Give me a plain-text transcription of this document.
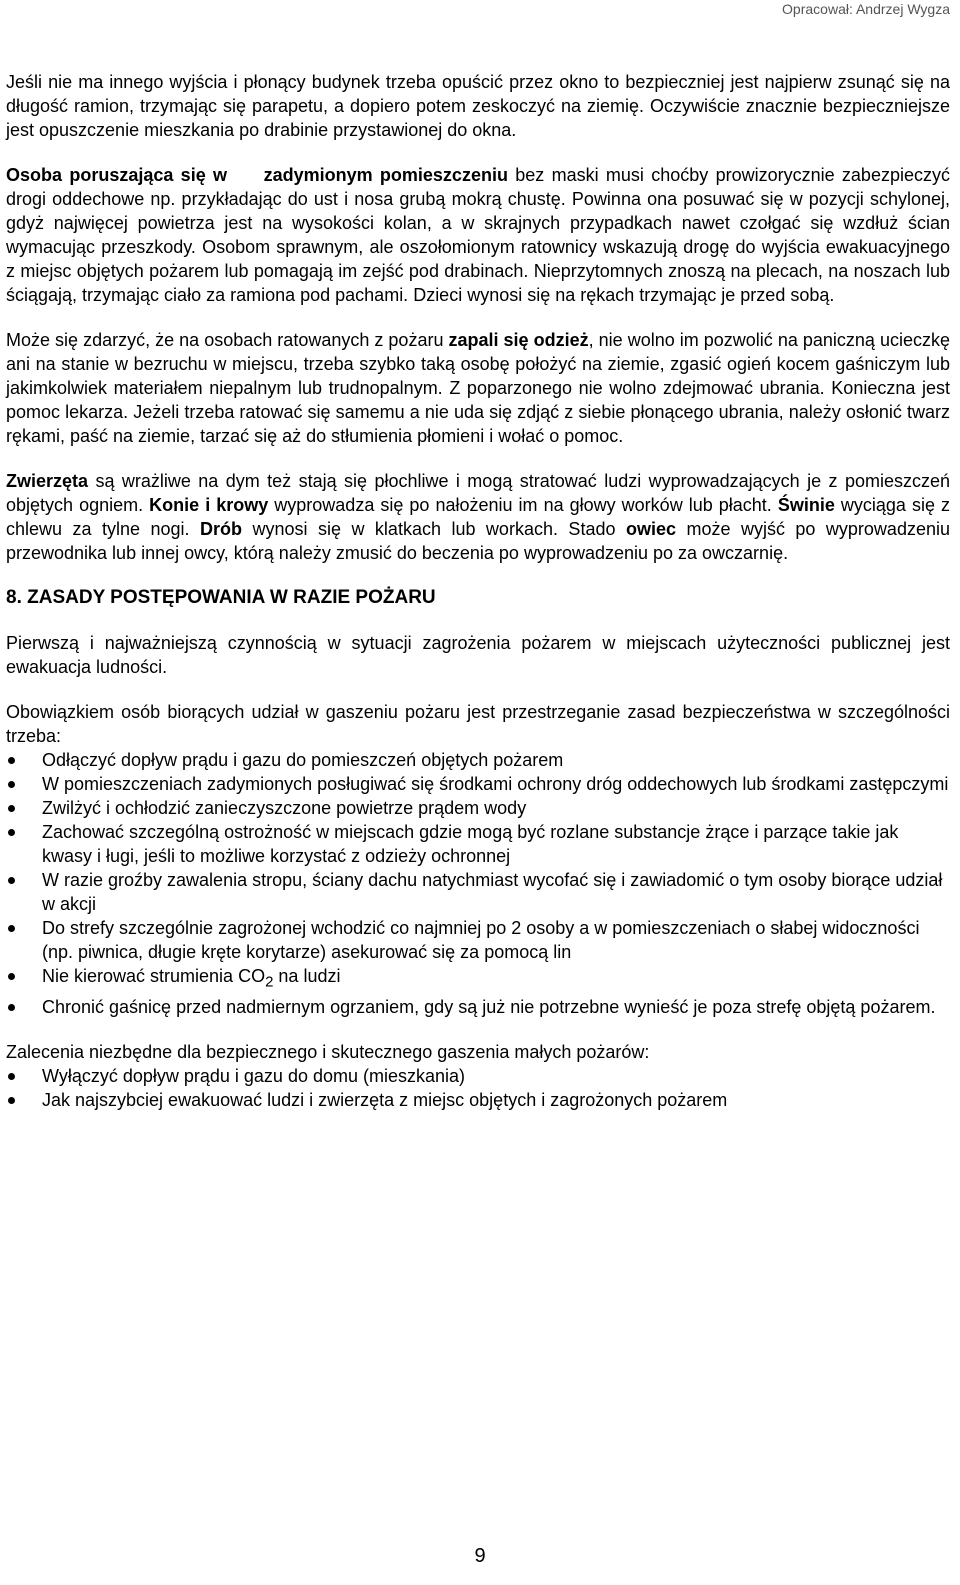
Opracował: Andrzej Wygza

Jeśli nie ma innego wyjścia i płonący budynek trzeba opuścić przez okno to bezpieczniej jest najpierw zsunąć się na długość ramion, trzymając się parapetu, a dopiero potem zeskoczyć na ziemię. Oczywiście znacznie bezpieczniejsze jest opuszczenie mieszkania po drabinie przystawionej do okna.

Osoba poruszająca się w zadymionym pomieszczeniu bez maski musi choćby prowizorycznie zabezpieczyć drogi oddechowe np. przykładając do ust i nosa grubą mokrą chustę. Powinna ona posuwać się w pozycji schylonej, gdyż najwięcej powietrza jest na wysokości kolan, a w skrajnych przypadkach nawet czołgać się wzdłuż ścian wymacując przeszkody. Osobom sprawnym, ale oszołomionym ratownicy wskazują drogę do wyjścia ewakuacyjnego z miejsc objętych pożarem lub pomagają im zejść pod drabinach. Nieprzytomnych znoszą na plecach, na noszach lub ściągają, trzymając ciało za ramiona pod pachami. Dzieci wynosi się na rękach trzymając je przed sobą.

Może się zdarzyć, że na osobach ratowanych z pożaru zapali się odzież, nie wolno im pozwolić na paniczną ucieczkę ani na stanie w bezruchu w miejscu, trzeba szybko taką osobę położyć na ziemie, zgasić ogień kocem gaśniczym lub jakimkolwiek materiałem niepalnym lub trudnopalnym. Z poparzonego nie wolno zdejmować ubrania. Konieczna jest pomoc lekarza. Jeżeli trzeba ratować się samemu a nie uda się zdjąć z siebie płonącego ubrania, należy osłonić twarz rękami, paść na ziemie, tarzać się aż do stłumienia płomieni i wołać o pomoc.

Zwierzęta są wrażliwe na dym też stają się płochliwe i mogą stratować ludzi wyprowadzających je z pomieszczeń objętych ogniem. Konie i krowy wyprowadza się po nałożeniu im na głowy worków lub płacht. Świnie wyciąga się z chlewu za tylne nogi. Drób wynosi się w klatkach lub workach. Stado owiec może wyjść po wyprowadzeniu przewodnika lub innej owcy, którą należy zmusić do beczenia po wyprowadzeniu po za owczarnię.

8. ZASADY POSTĘPOWANIA W RAZIE POŻARU

Pierwszą i najważniejszą czynnością w sytuacji zagrożenia pożarem w miejscach użyteczności publicznej jest ewakuacja ludności.

Obowiązkiem osób biorących udział w gaszeniu pożaru jest przestrzeganie zasad bezpieczeństwa w szczególności trzeba:

Odłączyć dopływ prądu i gazu do pomieszczeń objętych pożarem
W pomieszczeniach zadymionych posługiwać się środkami ochrony dróg oddechowych lub środkami zastępczymi
Zwilżyć i ochłodzić zanieczyszczone powietrze prądem wody
Zachować szczególną ostrożność w miejscach gdzie mogą być rozlane substancje żrące i parzące takie jak kwasy i ługi, jeśli to możliwe korzystać z odzieży ochronnej
W razie groźby zawalenia stropu, ściany dachu natychmiast wycofać się i zawiadomić o tym osoby biorące udział w akcji
Do strefy szczególnie zagrożonej wchodzić co najmniej po 2 osoby a w pomieszczeniach o słabej widoczności (np. piwnica, długie kręte korytarze) asekurować się za pomocą lin
Nie kierować strumienia $CO_2$ na ludzi
Chronić gaśnicę przed nadmiernym ogrzaniem, gdy są już nie potrzebne wynieść je poza strefę objętą pożarem.

Zalecenia niezbędne dla bezpiecznego i skutecznego gaszenia małych pożarów:

Wyłączyć dopływ prądu i gazu do domu (mieszkania)
Jak najszybciej ewakuować ludzi i zwierzęta z miejsc objętych i zagrożonych pożarem
9
